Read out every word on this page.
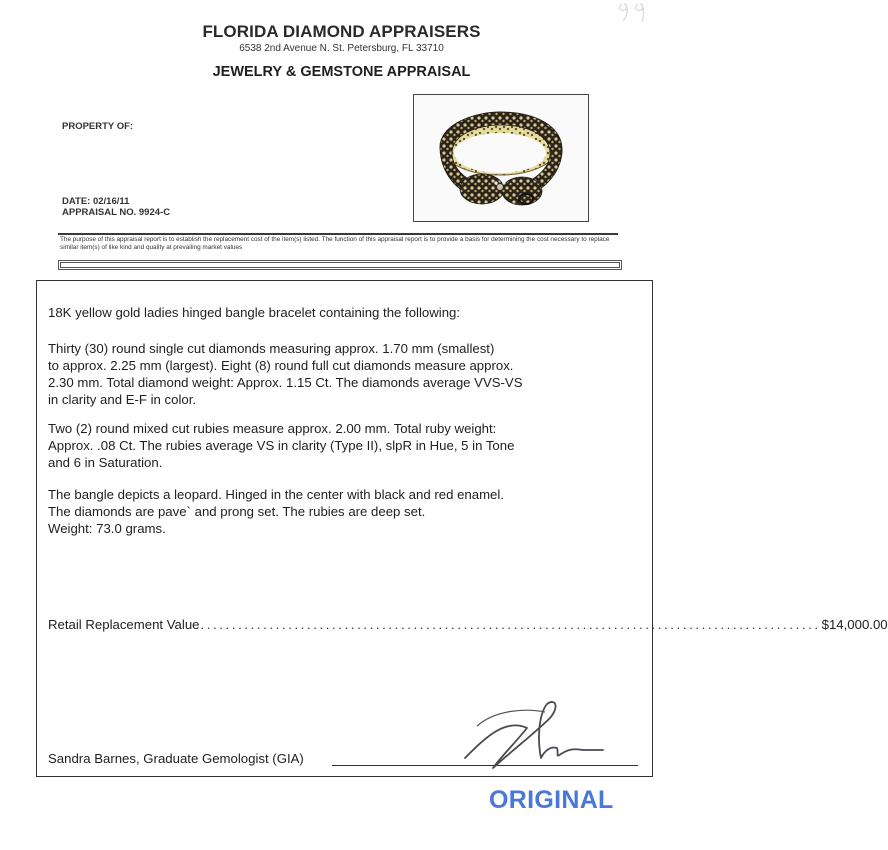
FLORIDA DIAMOND APPRAISERS
6538 2nd Avenue N. St. Petersburg, FL 33710
JEWELRY & GEMSTONE APPRAISAL
PROPERTY OF:
DATE: 02/16/11
APPRAISAL NO. 9924-C
The purpose of this appraisal report is to establish the replacement cost of the item(s) listed. The function of this appraisal report is to provide a basis for determining the cost necessary to replace similar item(s) of like kind and quality at prevailing market values
18K yellow gold ladies hinged bangle bracelet containing the following:
Thirty (30) round single cut diamonds measuring approx. 1.70 mm (smallest)
to approx. 2.25 mm (largest). Eight (8) round full cut diamonds measure approx.
2.30 mm. Total diamond weight: Approx. 1.15 Ct. The diamonds average VVS-VS
in clarity and E-F in color.
Two (2) round mixed cut rubies measure approx. 2.00 mm. Total ruby weight:
Approx. .08 Ct. The rubies average VS in clarity (Type II), slpR in Hue, 5 in Tone
and 6 in Saturation.
The bangle depicts a leopard. Hinged in the center with black and red enamel.
The diamonds are pave` and prong set. The rubies are deep set.
Weight: 73.0 grams.
Retail Replacement Value ................................................................................................... $14,000.00
Sandra Barnes, Graduate Gemologist (GIA)
ORIGINAL
